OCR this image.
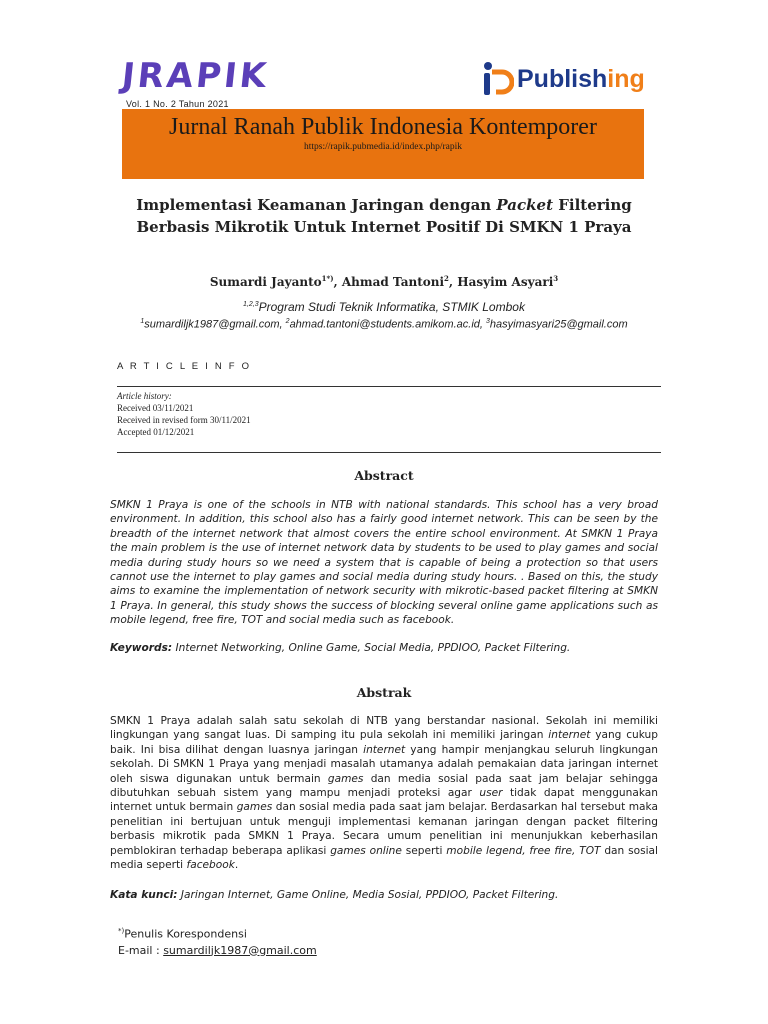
JRAPIK
Vol. 1 No. 2 Tahun 2021
Publishing
Jurnal Ranah Publik Indonesia Kontemporer
https://rapik.pubmedia.id/index.php/rapik
Implementasi Keamanan Jaringan dengan Packet Filtering
Berbasis Mikrotik Untuk Internet Positif Di SMKN 1 Praya
Sumardi Jayanto$^{1*)}$, Ahmad Tantoni$^2$, Hasyim Asyari$^3$
$^{1,2,3}$Program Studi Teknik Informatika, STMIK Lombok
$^1$sumardiljk1987@gmail.com, $^2$ahmad.tantoni@students.amikom.ac.id, $^3$hasyimasyari25@gmail.com
A R T I C L E I N F O
Article history:
Received 03/11/2021
Received in revised form 30/11/2021
Accepted 01/12/2021
Abstract
SMKN 1 Praya is one of the schools in NTB with national standards. This school has a very broad environment. In addition, this school also has a fairly good internet network. This can be seen by the breadth of the internet network that almost covers the entire school environment. At SMKN 1 Praya the main problem is the use of internet network data by students to be used to play games and social media during study hours so we need a system that is capable of being a protection so that users cannot use the internet to play games and social media during study hours. . Based on this, the study aims to examine the implementation of network security with mikrotic-based packet filtering at SMKN 1 Praya. In general, this study shows the success of blocking several online game applications such as mobile legend, free fire, TOT and social media such as facebook.
Keywords: Internet Networking, Online Game, Social Media, PPDIOO, Packet Filtering.
Abstrak
SMKN 1 Praya adalah salah satu sekolah di NTB yang berstandar nasional. Sekolah ini memiliki lingkungan yang sangat luas. Di samping itu pula sekolah ini memiliki jaringan internet yang cukup baik. Ini bisa dilihat dengan luasnya jaringan internet yang hampir menjangkau seluruh lingkungan sekolah. Di SMKN 1 Praya yang menjadi masalah utamanya adalah pemakaian data jaringan internet oleh siswa digunakan untuk bermain games dan media sosial pada saat jam belajar sehingga dibutuhkan sebuah sistem yang mampu menjadi proteksi agar user tidak dapat menggunakan internet untuk bermain games dan sosial media pada saat jam belajar. Berdasarkan hal tersebut maka penelitian ini bertujuan untuk menguji implementasi kemanan jaringan dengan packet filtering berbasis mikrotik pada SMKN 1 Praya. Secara umum penelitian ini menunjukkan keberhasilan pemblokiran terhadap beberapa aplikasi games online seperti mobile legend, free fire, TOT dan sosial media seperti facebook.
Kata kunci: Jaringan Internet, Game Online, Media Sosial, PPDIOO, Packet Filtering.
*)Penulis Korespondensi
E-mail : sumardiljk1987@gmail.com
